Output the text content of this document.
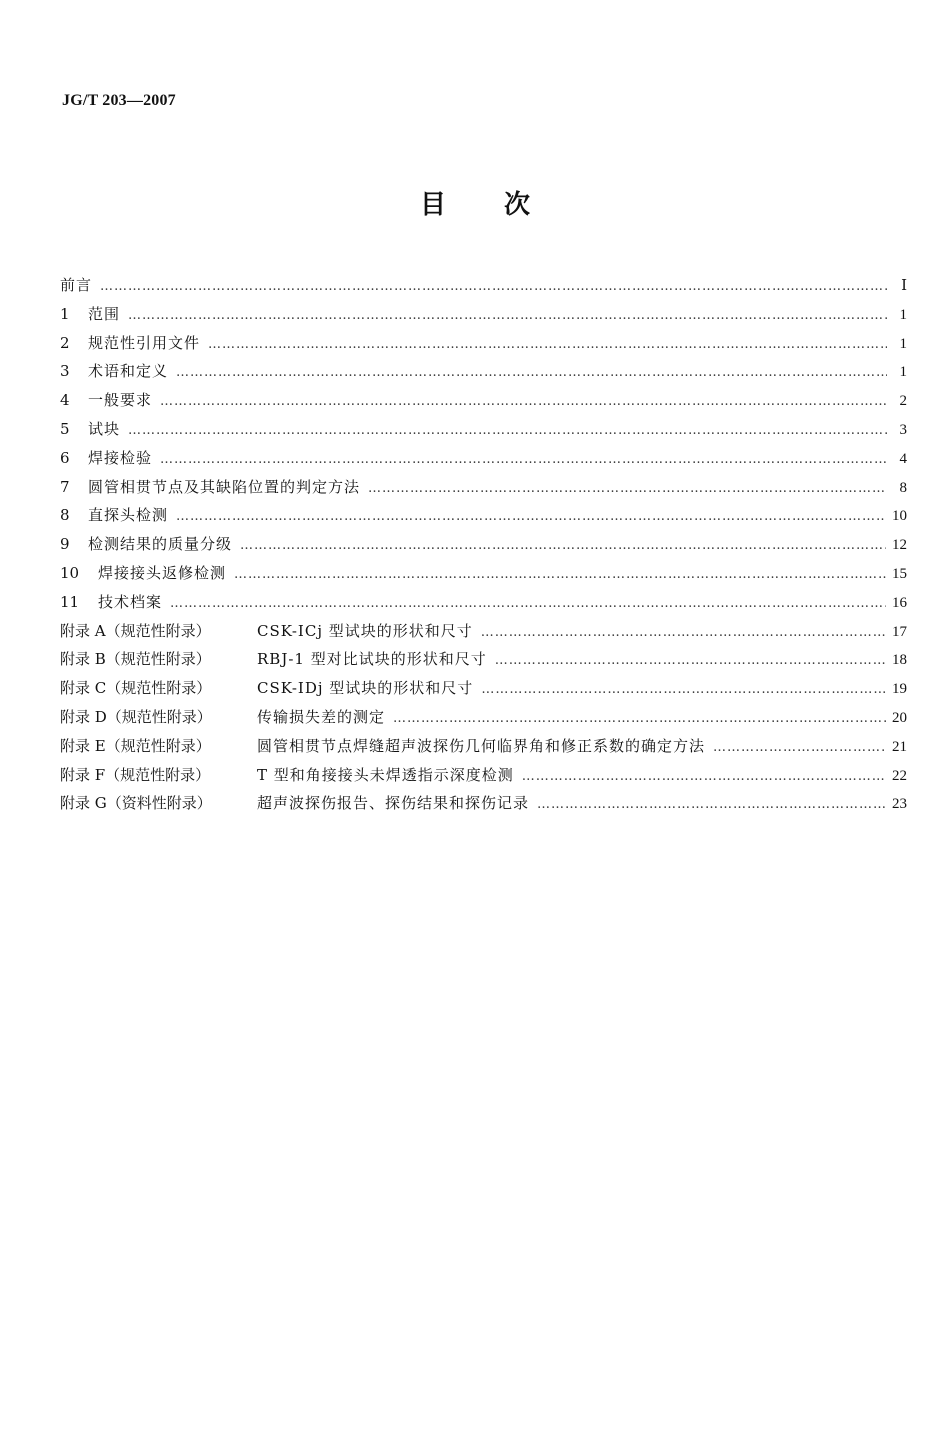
JG/T 203—2007
目次
前言 …………………………………………………………………………………………………………………………………………………………………………………………	Ⅰ
1	范围 …………………………………………………………………………………………………………………………………………………………………………………………	1
2	规范性引用文件 …………………………………………………………………………………………………………………………………………………………………………………………	1
3	术语和定义 …………………………………………………………………………………………………………………………………………………………………………………………	1
4	一般要求 …………………………………………………………………………………………………………………………………………………………………………………………	2
5	试块 …………………………………………………………………………………………………………………………………………………………………………………………	3
6	焊接检验 …………………………………………………………………………………………………………………………………………………………………………………………	4
7	圆管相贯节点及其缺陷位置的判定方法 …………………………………………………………………………………………………………………………………………………………………………………………	8
8	直探头检测 …………………………………………………………………………………………………………………………………………………………………………………………	10
9	检测结果的质量分级 …………………………………………………………………………………………………………………………………………………………………………………………	12
10	焊接接头返修检测 …………………………………………………………………………………………………………………………………………………………………………………………	15
11	技术档案 …………………………………………………………………………………………………………………………………………………………………………………………	16
附录 A（规范性附录）	CSK-ⅠCj 型试块的形状和尺寸 …………………………………………………………………………………………………………………………………………………………………………………………	17
附录 B（规范性附录）	RBJ-1 型对比试块的形状和尺寸 …………………………………………………………………………………………………………………………………………………………………………………………	18
附录 C（规范性附录）	CSK-ⅠDj 型试块的形状和尺寸 …………………………………………………………………………………………………………………………………………………………………………………………	19
附录 D（规范性附录）	传输损失差的测定 …………………………………………………………………………………………………………………………………………………………………………………………	20
附录 E（规范性附录）	圆管相贯节点焊缝超声波探伤几何临界角和修正系数的确定方法 …………………………………………………………………………………………………………………………………………………………………………………………	21
附录 F（规范性附录）	T 型和角接接头未焊透指示深度检测 …………………………………………………………………………………………………………………………………………………………………………………………	22
附录 G（资料性附录）	超声波探伤报告、探伤结果和探伤记录 …………………………………………………………………………………………………………………………………………………………………………………………	23
